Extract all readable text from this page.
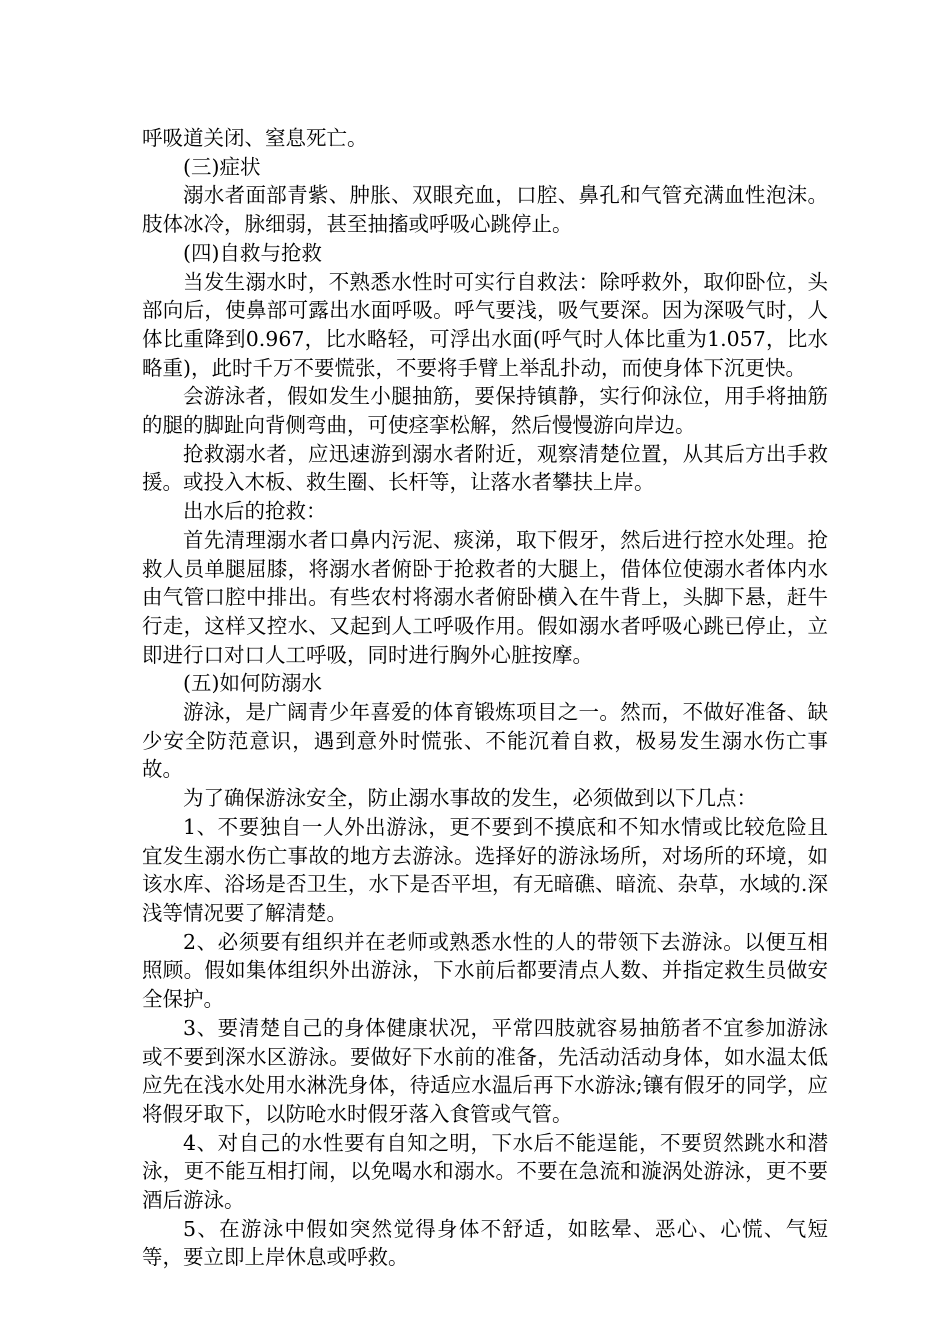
呼吸道关闭、窒息死亡。

(三)症状

溺水者面部青紫、肿胀、双眼充血，口腔、鼻孔和气管充满血性泡沫。肢体冰冷，脉细弱，甚至抽搐或呼吸心跳停止。

(四)自救与抢救

当发生溺水时，不熟悉水性时可实行自救法：除呼救外，取仰卧位，头部向后，使鼻部可露出水面呼吸。呼气要浅，吸气要深。因为深吸气时，人体比重降到0.967，比水略轻，可浮出水面(呼气时人体比重为1.057，比水略重)，此时千万不要慌张，不要将手臂上举乱扑动，而使身体下沉更快。

会游泳者，假如发生小腿抽筋，要保持镇静，实行仰泳位，用手将抽筋的腿的脚趾向背侧弯曲，可使痉挛松解，然后慢慢游向岸边。

抢救溺水者，应迅速游到溺水者附近，观察清楚位置，从其后方出手救援。或投入木板、救生圈、长杆等，让落水者攀扶上岸。

出水后的抢救：

首先清理溺水者口鼻内污泥、痰涕，取下假牙，然后进行控水处理。抢救人员单腿屈膝，将溺水者俯卧于抢救者的大腿上，借体位使溺水者体内水由气管口腔中排出。有些农村将溺水者俯卧横入在牛背上，头脚下悬，赶牛行走，这样又控水、又起到人工呼吸作用。假如溺水者呼吸心跳已停止，立即进行口对口人工呼吸，同时进行胸外心脏按摩。

(五)如何防溺水

游泳，是广阔青少年喜爱的体育锻炼项目之一。然而，不做好准备、缺少安全防范意识，遇到意外时慌张、不能沉着自救，极易发生溺水伤亡事故。

为了确保游泳安全，防止溺水事故的发生，必须做到以下几点：

1、不要独自一人外出游泳，更不要到不摸底和不知水情或比较危险且宜发生溺水伤亡事故的地方去游泳。选择好的游泳场所，对场所的环境，如该水库、浴场是否卫生，水下是否平坦，有无暗礁、暗流、杂草，水域的.深浅等情况要了解清楚。

2、必须要有组织并在老师或熟悉水性的人的带领下去游泳。以便互相照顾。假如集体组织外出游泳，下水前后都要清点人数、并指定救生员做安全保护。

3、要清楚自己的身体健康状况，平常四肢就容易抽筋者不宜参加游泳或不要到深水区游泳。要做好下水前的准备，先活动活动身体，如水温太低应先在浅水处用水淋洗身体，待适应水温后再下水游泳;镶有假牙的同学，应将假牙取下，以防呛水时假牙落入食管或气管。

4、对自己的水性要有自知之明，下水后不能逞能，不要贸然跳水和潜泳，更不能互相打闹，以免喝水和溺水。不要在急流和漩涡处游泳，更不要酒后游泳。

5、在游泳中假如突然觉得身体不舒适，如眩晕、恶心、心慌、气短等，要立即上岸休息或呼救。
